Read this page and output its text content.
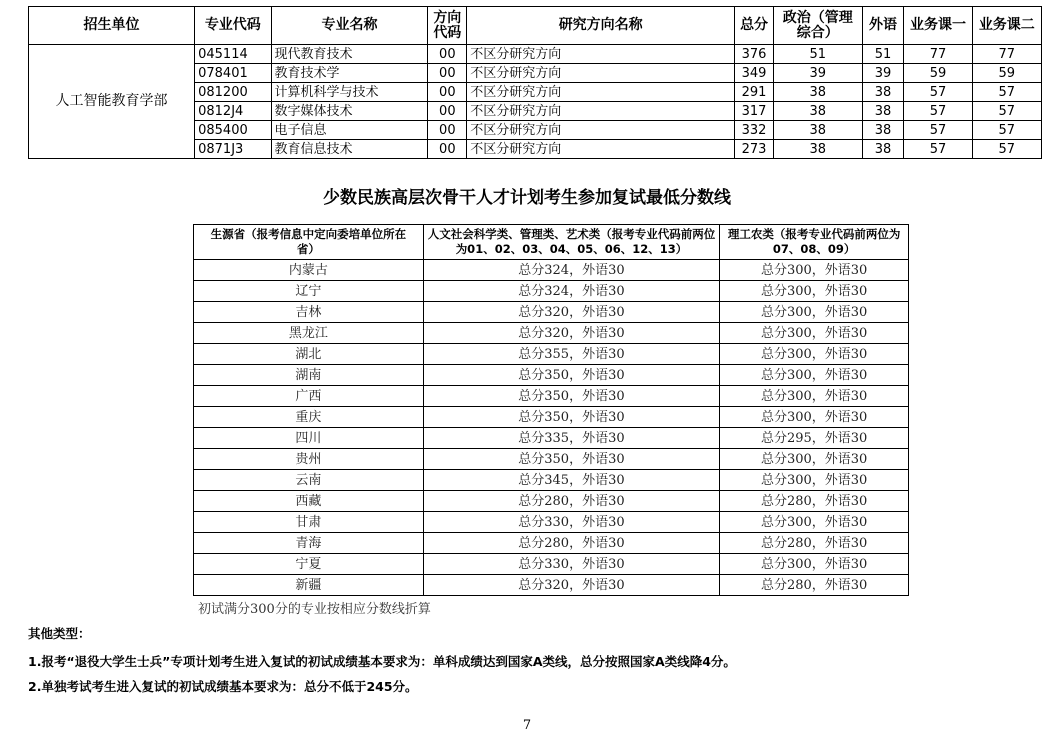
招生单位	专业代码	专业名称	方向代码	研究方向名称	总分	政治（管理综合）	外语	业务课一	业务课二
人工智能教育学部	045114	现代教育技术	00	不区分研究方向	376	51	51	77	77
	078401	教育技术学	00	不区分研究方向	349	39	39	59	59
	081200	计算机科学与技术	00	不区分研究方向	291	38	38	57	57
	0812J4	数字媒体技术	00	不区分研究方向	317	38	38	57	57
	085400	电子信息	00	不区分研究方向	332	38	38	57	57
	0871J3	教育信息技术	00	不区分研究方向	273	38	38	57	57
少数民族高层次骨干人才计划考生参加复试最低分数线
生源省（报考信息中定向委培单位所在省）	人文社会科学类、管理类、艺术类（报考专业代码前两位为01、02、03、04、05、06、12、13）	理工农类（报考专业代码前两位为07、08、09）
内蒙古	总分324，外语30	总分300，外语30
辽宁	总分324，外语30	总分300，外语30
吉林	总分320，外语30	总分300，外语30
黑龙江	总分320，外语30	总分300，外语30
湖北	总分355，外语30	总分300，外语30
湖南	总分350，外语30	总分300，外语30
广西	总分350，外语30	总分300，外语30
重庆	总分350，外语30	总分300，外语30
四川	总分335，外语30	总分295，外语30
贵州	总分350，外语30	总分300，外语30
云南	总分345，外语30	总分300，外语30
西藏	总分280，外语30	总分280，外语30
甘肃	总分330，外语30	总分300，外语30
青海	总分280，外语30	总分280，外语30
宁夏	总分330，外语30	总分300，外语30
新疆	总分320，外语30	总分280，外语30
初试满分300分的专业按相应分数线折算
其他类型：
1.报考“退役大学生士兵”专项计划考生进入复试的初试成绩基本要求为：单科成绩达到国家A类线，总分按照国家A类线降4分。
2.单独考试考生进入复试的初试成绩基本要求为：总分不低于245分。
7
